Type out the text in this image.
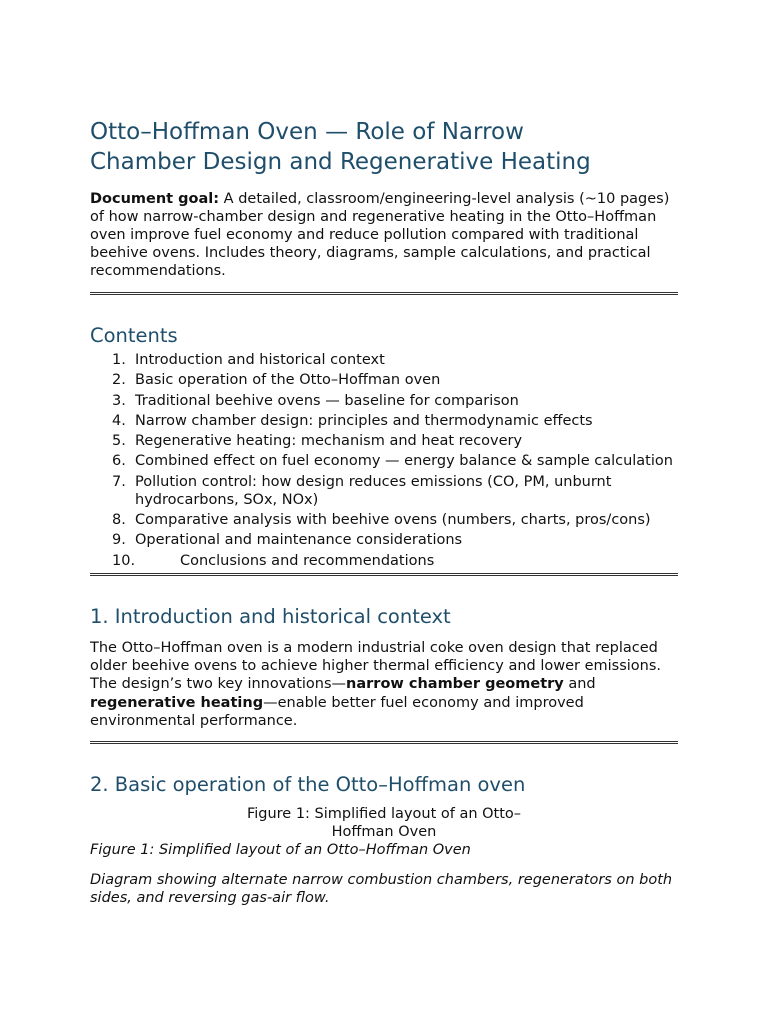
Otto–Hoffman Oven — Role of Narrow
Chamber Design and Regenerative Heating

Document goal: A detailed, classroom/engineering-level analysis (~10 pages) of how narrow-chamber design and regenerative heating in the Otto–Hoffman oven improve fuel economy and reduce pollution compared with traditional beehive ovens. Includes theory, diagrams, sample calculations, and practical recommendations.

Contents
1. Introduction and historical context
2. Basic operation of the Otto–Hoffman oven
3. Traditional beehive ovens — baseline for comparison
4. Narrow chamber design: principles and thermodynamic effects
5. Regenerative heating: mechanism and heat recovery
6. Combined effect on fuel economy — energy balance & sample calculation
7. Pollution control: how design reduces emissions (CO, PM, unburnt hydrocarbons, SOx, NOx)
8. Comparative analysis with beehive ovens (numbers, charts, pros/cons)
9. Operational and maintenance considerations
10.	Conclusions and recommendations
1. Introduction and historical context

The Otto–Hoffman oven is a modern industrial coke oven design that replaced older beehive ovens to achieve higher thermal efficiency and lower emissions. The design’s two key innovations—narrow chamber geometry and regenerative heating—enable better fuel economy and improved environmental performance.

2. Basic operation of the Otto–Hoffman oven
Figure 1: Simplified layout of an Otto–
Hoffman Oven

Figure 1: Simplified layout of an Otto–Hoffman Oven

Diagram showing alternate narrow combustion chambers, regenerators on both sides, and reversing gas-air flow.
